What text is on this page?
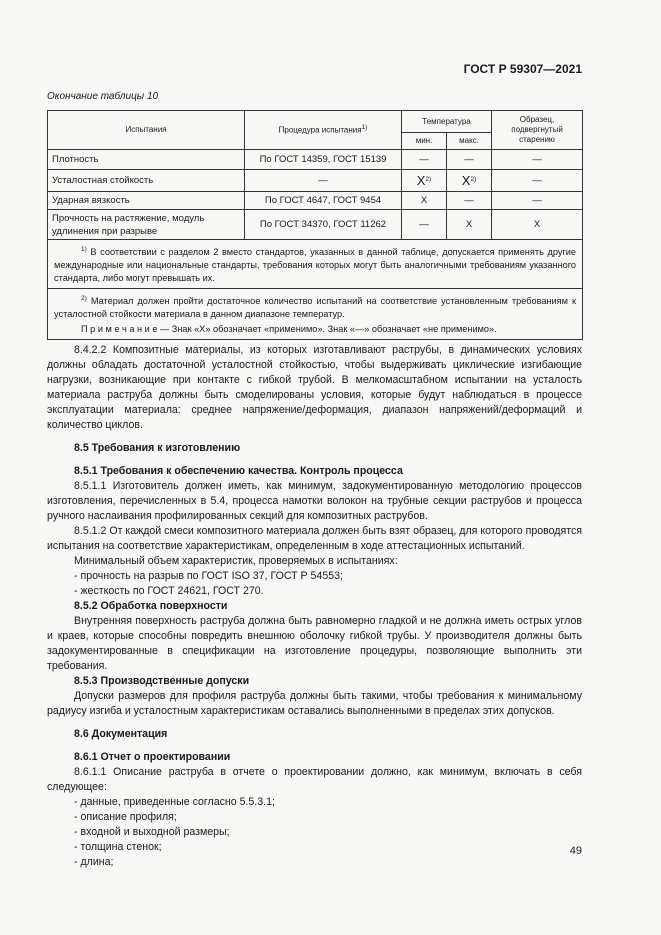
ГОСТ Р 59307—2021
Окончание таблицы 10
Испытания	Процедура испытания$^{1)}$	Температура		Образец, подвергнутый старению
		мин.	макс.	
Плотность	По ГОСТ 14359, ГОСТ 15139	—	—	—
Усталостная стойкость	—	$X^{2)}$	$X^{2)}$	—
Ударная вязкость	По ГОСТ 4647, ГОСТ 9454	X	—	—
Прочность на растяжение, модуль удлинения при разрыве	По ГОСТ 34370, ГОСТ 11262	—	X	X
$^{1)}$ В соответствии с разделом 2 вместо стандартов, указанных в данной таблице, допускается применять другие международные или национальные стандарты, требования которых могут быть аналогичными требованиям указанного стандарта, либо могут превышать их.				

$^{2)}$ Материал должен пройти достаточное количество испытаний на соответствие установленным требованиям к усталостной стойкости материала в данном диапазоне температур.
П р и м е ч а н и е — Знак «X» обозначает «применимо». Знак «—» обозначает «не применимо».				

8.4.2.2 Композитные материалы, из которых изготавливают раструбы, в динамических условиях должны обладать достаточной усталостной стойкостью, чтобы выдерживать циклические изгибающие нагрузки, возникающие при контакте с гибкой трубой. В мелкомасштабном испытании на усталость материала раструба должны быть смоделированы условия, которые будут наблюдаться в процессе эксплуатации материала: среднее напряжение/деформация, диапазон напряжений/деформаций и количество циклов.

8.5 Требования к изготовлению

8.5.1 Требования к обеспечению качества. Контроль процесса

8.5.1.1 Изготовитель должен иметь, как минимум, задокументированную методологию процессов изготовления, перечисленных в 5.4, процесса намотки волокон на трубные секции раструбов и процесса ручного наслаивания профилированных секций для композитных раструбов.

8.5.1.2 От каждой смеси композитного материала должен быть взят образец, для которого проводятся испытания на соответствие характеристикам, определенным в ходе аттестационных испытаний.

Минимальный объем характеристик, проверяемых в испытаниях:

- прочность на разрыв по ГОСТ ISO 37, ГОСТ Р 54553;

- жесткость по ГОСТ 24621, ГОСТ 270.

8.5.2 Обработка поверхности

Внутренняя поверхность раструба должна быть равномерно гладкой и не должна иметь острых углов и краев, которые способны повредить внешнюю оболочку гибкой трубы. У производителя должны быть задокументированные в спецификации на изготовление процедуры, позволяющие выполнить эти требования.

8.5.3 Производственные допуски

Допуски размеров для профиля раструба должны быть такими, чтобы требования к минимальному радиусу изгиба и усталостным характеристикам оставались выполненными в пределах этих допусков.

8.6 Документация

8.6.1 Отчет о проектировании

8.6.1.1 Описание раструба в отчете о проектировании должно, как минимум, включать в себя следующее:

- данные, приведенные согласно 5.5.3.1;

- описание профиля;

- входной и выходной размеры;

- толщина стенок;

- длина;

49
